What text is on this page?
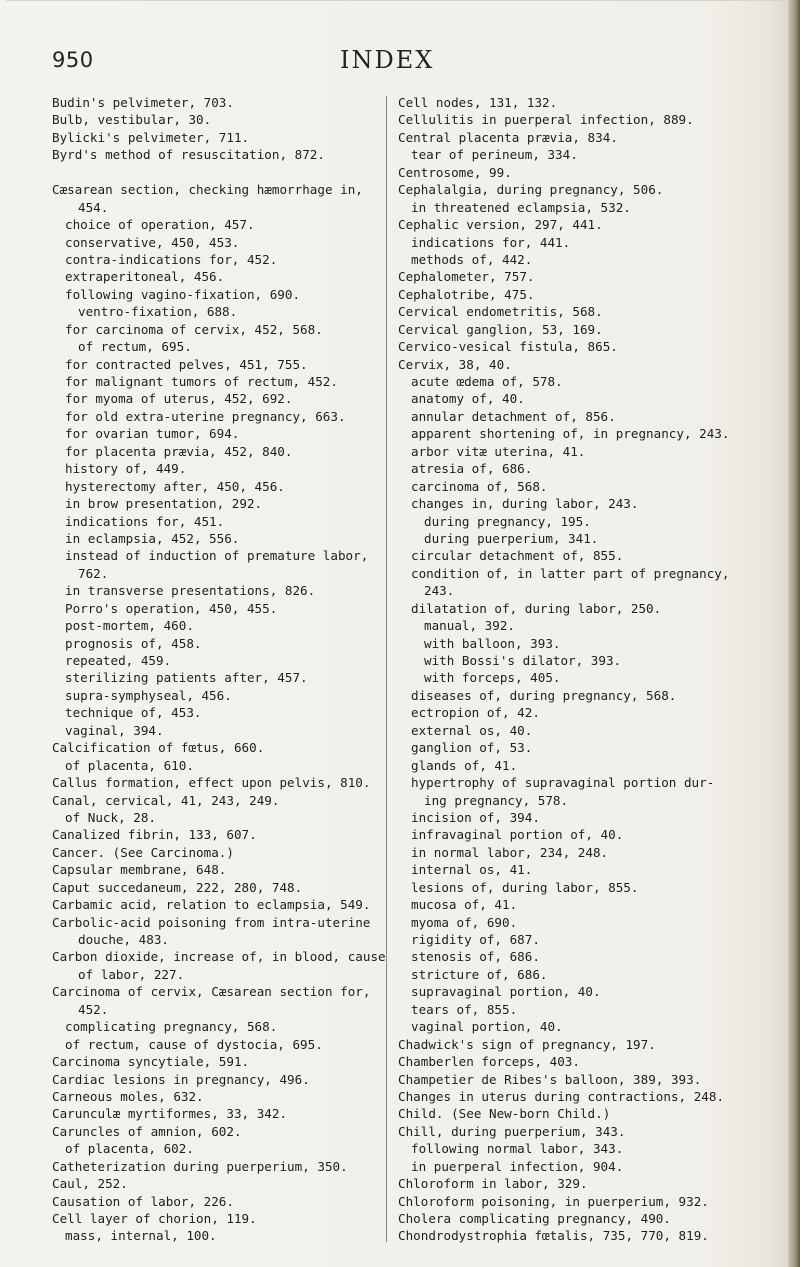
950	INDEX
Budin's pelvimeter, 703.
Bulb, vestibular, 30.
Bylicki's pelvimeter, 711.
Byrd's method of resuscitation, 872.
Cæsarean section, checking hæmorrhage in,
454.
choice of operation, 457.
conservative, 450, 453.
contra-indications for, 452.
extraperitoneal, 456.
following vagino-fixation, 690.
ventro-fixation, 688.
for carcinoma of cervix, 452, 568.
of rectum, 695.
for contracted pelves, 451, 755.
for malignant tumors of rectum, 452.
for myoma of uterus, 452, 692.
for old extra-uterine pregnancy, 663.
for ovarian tumor, 694.
for placenta prævia, 452, 840.
history of, 449.
hysterectomy after, 450, 456.
in brow presentation, 292.
indications for, 451.
in eclampsia, 452, 556.
instead of induction of premature labor,
762.
in transverse presentations, 826.
Porro's operation, 450, 455.
post-mortem, 460.
prognosis of, 458.
repeated, 459.
sterilizing patients after, 457.
supra-symphyseal, 456.
technique of, 453.
vaginal, 394.
Calcification of fœtus, 660.
of placenta, 610.
Callus formation, effect upon pelvis, 810.
Canal, cervical, 41, 243, 249.
of Nuck, 28.
Canalized fibrin, 133, 607.
Cancer. (See Carcinoma.)
Capsular membrane, 648.
Caput succedaneum, 222, 280, 748.
Carbamic acid, relation to eclampsia, 549.
Carbolic-acid poisoning from intra-uterine
douche, 483.
Carbon dioxide, increase of, in blood, cause
of labor, 227.
Carcinoma of cervix, Cæsarean section for,
452.
complicating pregnancy, 568.
of rectum, cause of dystocia, 695.
Carcinoma syncytiale, 591.
Cardiac lesions in pregnancy, 496.
Carneous moles, 632.
Carunculæ myrtiformes, 33, 342.
Caruncles of amnion, 602.
of placenta, 602.
Catheterization during puerperium, 350.
Caul, 252.
Causation of labor, 226.
Cell layer of chorion, 119.
mass, internal, 100.
Cell nodes, 131, 132.
Cellulitis in puerperal infection, 889.
Central placenta prævia, 834.
tear of perineum, 334.
Centrosome, 99.
Cephalalgia, during pregnancy, 506.
in threatened eclampsia, 532.
Cephalic version, 297, 441.
indications for, 441.
methods of, 442.
Cephalometer, 757.
Cephalotribe, 475.
Cervical endometritis, 568.
Cervical ganglion, 53, 169.
Cervico-vesical fistula, 865.
Cervix, 38, 40.
acute œdema of, 578.
anatomy of, 40.
annular detachment of, 856.
apparent shortening of, in pregnancy, 243.
arbor vitæ uterina, 41.
atresia of, 686.
carcinoma of, 568.
changes in, during labor, 243.
during pregnancy, 195.
during puerperium, 341.
circular detachment of, 855.
condition of, in latter part of pregnancy,
243.
dilatation of, during labor, 250.
manual, 392.
with balloon, 393.
with Bossi's dilator, 393.
with forceps, 405.
diseases of, during pregnancy, 568.
ectropion of, 42.
external os, 40.
ganglion of, 53.
glands of, 41.
hypertrophy of supravaginal portion dur-
ing pregnancy, 578.
incision of, 394.
infravaginal portion of, 40.
in normal labor, 234, 248.
internal os, 41.
lesions of, during labor, 855.
mucosa of, 41.
myoma of, 690.
rigidity of, 687.
stenosis of, 686.
stricture of, 686.
supravaginal portion, 40.
tears of, 855.
vaginal portion, 40.
Chadwick's sign of pregnancy, 197.
Chamberlen forceps, 403.
Champetier de Ribes's balloon, 389, 393.
Changes in uterus during contractions, 248.
Child. (See New-born Child.)
Chill, during puerperium, 343.
following normal labor, 343.
in puerperal infection, 904.
Chloroform in labor, 329.
Chloroform poisoning, in puerperium, 932.
Cholera complicating pregnancy, 490.
Chondrodystrophia fœtalis, 735, 770, 819.
